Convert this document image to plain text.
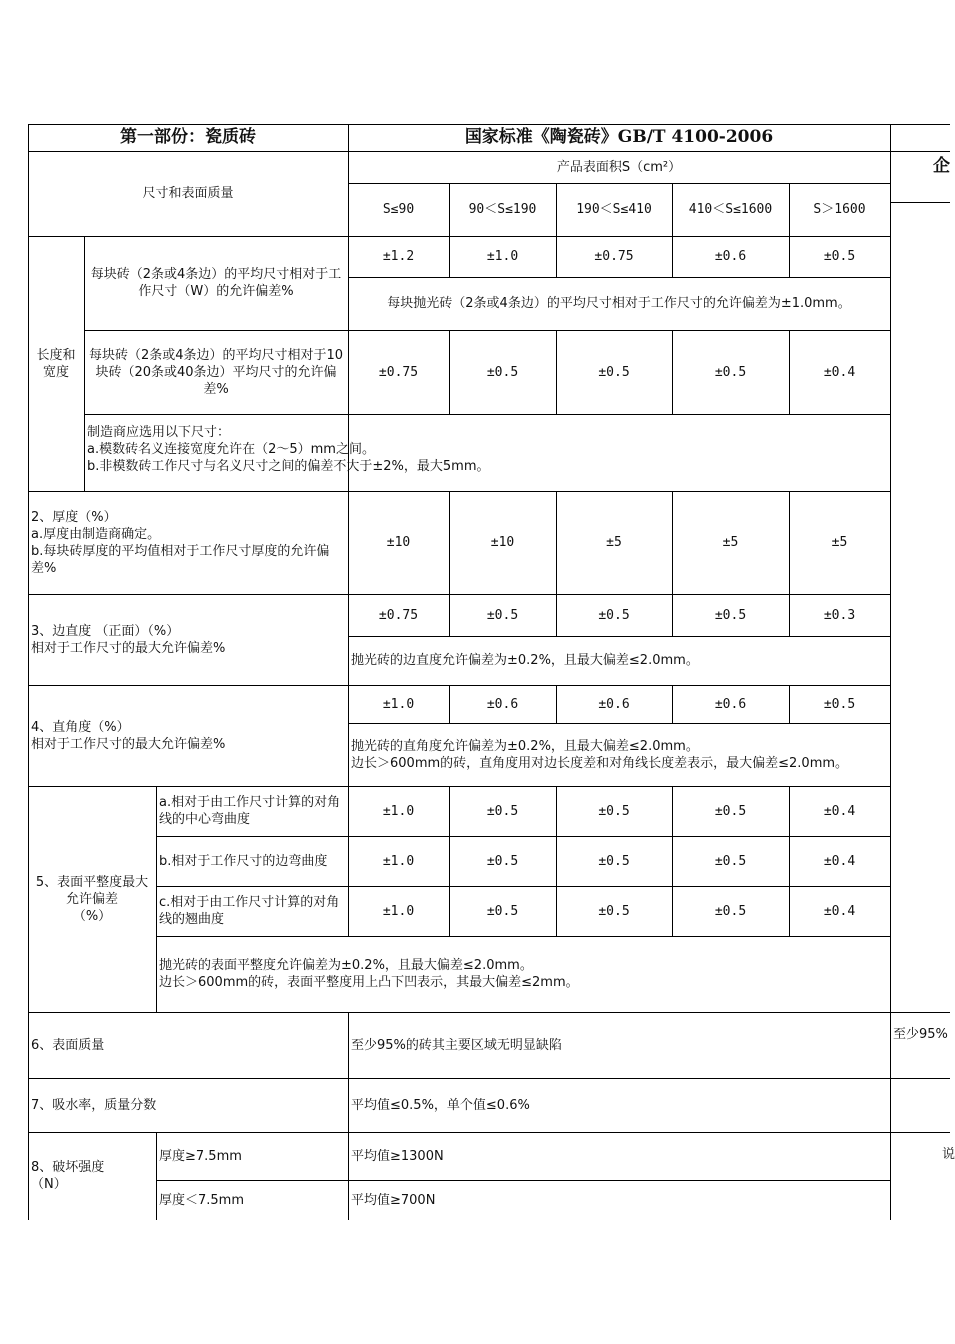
第一部份：瓷质砖	国家标准《陶瓷砖》GB/T 4100-2006
企
尺寸和表面质量
产品表面积S（cm²）
S≤90	90＜S≤190	190＜S≤410	410＜S≤1600	S＞1600
长度和
宽度
每块砖（2条或4条边）的平均尺寸相对于工作尺寸（W）的允许偏差%
±1.2	±1.0	±0.75	±0.6	±0.5
每块抛光砖（2条或4条边）的平均尺寸相对于工作尺寸的允许偏差为±1.0mm。
每块砖（2条或4条边）的平均尺寸相对于10块砖（20条或40条边）平均尺寸的允许偏差%
±0.75	±0.5	±0.5	±0.5	±0.4
制造商应选用以下尺寸：
a.模数砖名义连接宽度允许在（2～5）mm之间。
b.非模数砖工作尺寸与名义尺寸之间的偏差不大于±2%，最大5mm。
2、厚度（%）
a.厚度由制造商确定。
b.每块砖厚度的平均值相对于工作尺寸厚度的允许偏差%
±10	±10	±5	±5	±5
3、边直度 （正面）（%）
相对于工作尺寸的最大允许偏差%
±0.75	±0.5	±0.5	±0.5	±0.3
抛光砖的边直度允许偏差为±0.2%，且最大偏差≤2.0mm。
4、直角度（%）
相对于工作尺寸的最大允许偏差%
±1.0	±0.6	±0.6	±0.6	±0.5
抛光砖的直角度允许偏差为±0.2%，且最大偏差≤2.0mm。
边长＞600mm的砖，直角度用对边长度差和对角线长度差表示，最大偏差≤2.0mm。
5、表面平整度最大允许偏差
（%）
a.相对于由工作尺寸计算的对角线的中心弯曲度
±1.0	±0.5	±0.5	±0.5	±0.4
b.相对于工作尺寸的边弯曲度	±1.0	±0.5	±0.5	±0.5	±0.4
c.相对于由工作尺寸计算的对角线的翘曲度
±1.0	±0.5	±0.5	±0.5	±0.4
抛光砖的表面平整度允许偏差为±0.2%，且最大偏差≤2.0mm。
边长＞600mm的砖，表面平整度用上凸下凹表示，其最大偏差≤2mm。
6、表面质量	至少95%的砖其主要区域无明显缺陷
至少95%
7、吸水率，质量分数	平均值≤0.5%，单个值≤0.6%
8、破坏强度
（N）
厚度≥7.5mm	平均值≥1300N
厚度＜7.5mm	平均值≥700N
说
